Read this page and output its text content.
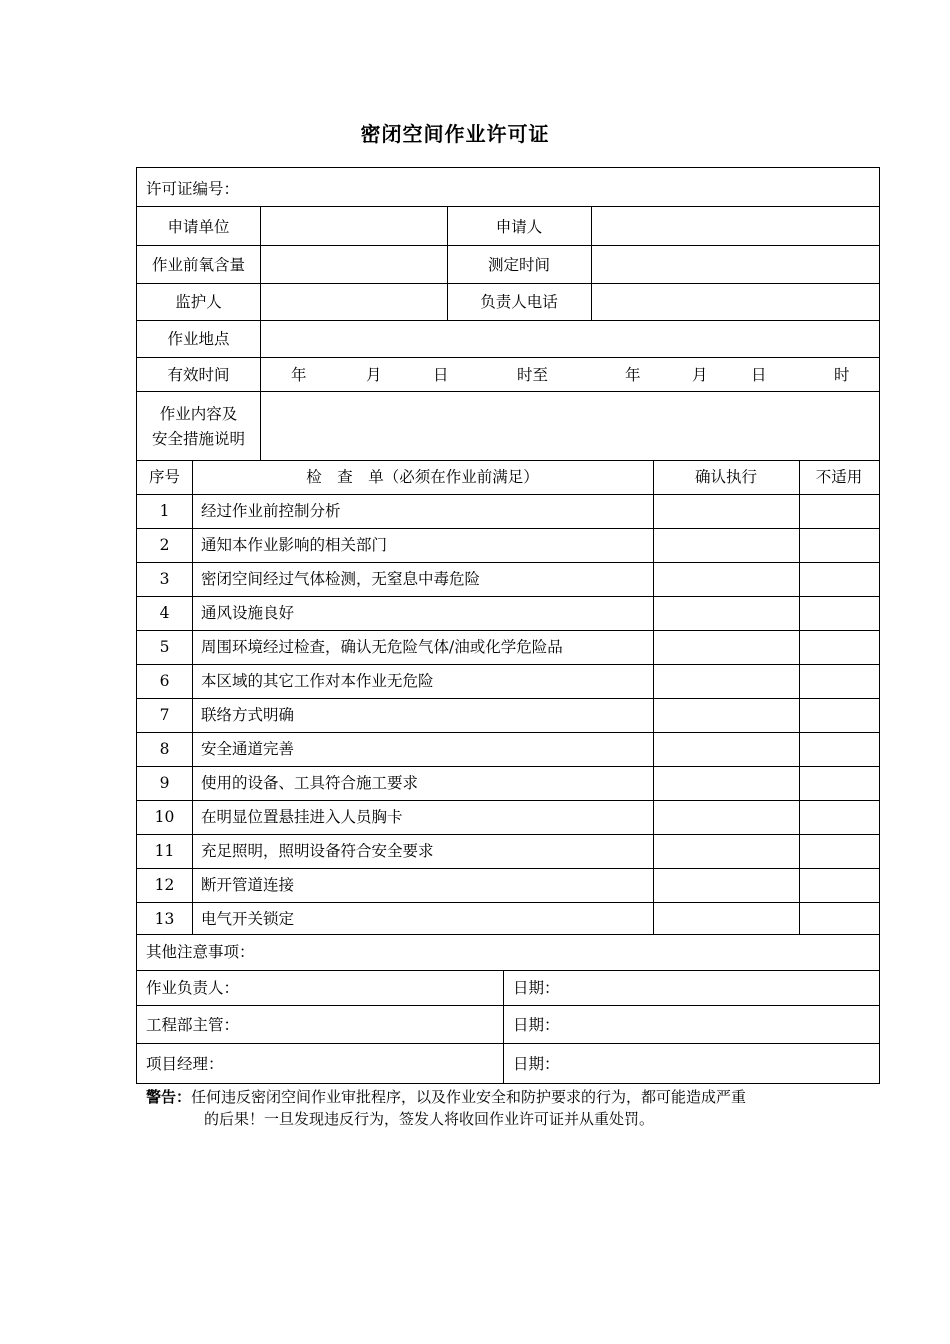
密闭空间作业许可证
许可证编号：
申请单位	申请人
作业前氧含量	测定时间
监护人	负责人电话
作业地点
有效时间	年	月	日	时至	年	月	日	时
作业内容及
安全措施说明
序号	检　查　单（必须在作业前满足）	确认执行	不适用
1	经过作业前控制分析
2	通知本作业影响的相关部门
3	密闭空间经过气体检测，无窒息中毒危险
4	通风设施良好
5	周围环境经过检查，确认无危险气体/油或化学危险品
6	本区域的其它工作对本作业无危险
7	联络方式明确
8	安全通道完善
9	使用的设备、工具符合施工要求
10	在明显位置悬挂进入人员胸卡
11	充足照明，照明设备符合安全要求
12	断开管道连接
13	电气开关锁定
其他注意事项：
作业负责人：	日期：
工程部主管：	日期：
项目经理：	日期：
警告：任何违反密闭空间作业审批程序，以及作业安全和防护要求的行为，都可能造成严重
的后果！一旦发现违反行为，签发人将收回作业许可证并从重处罚。
